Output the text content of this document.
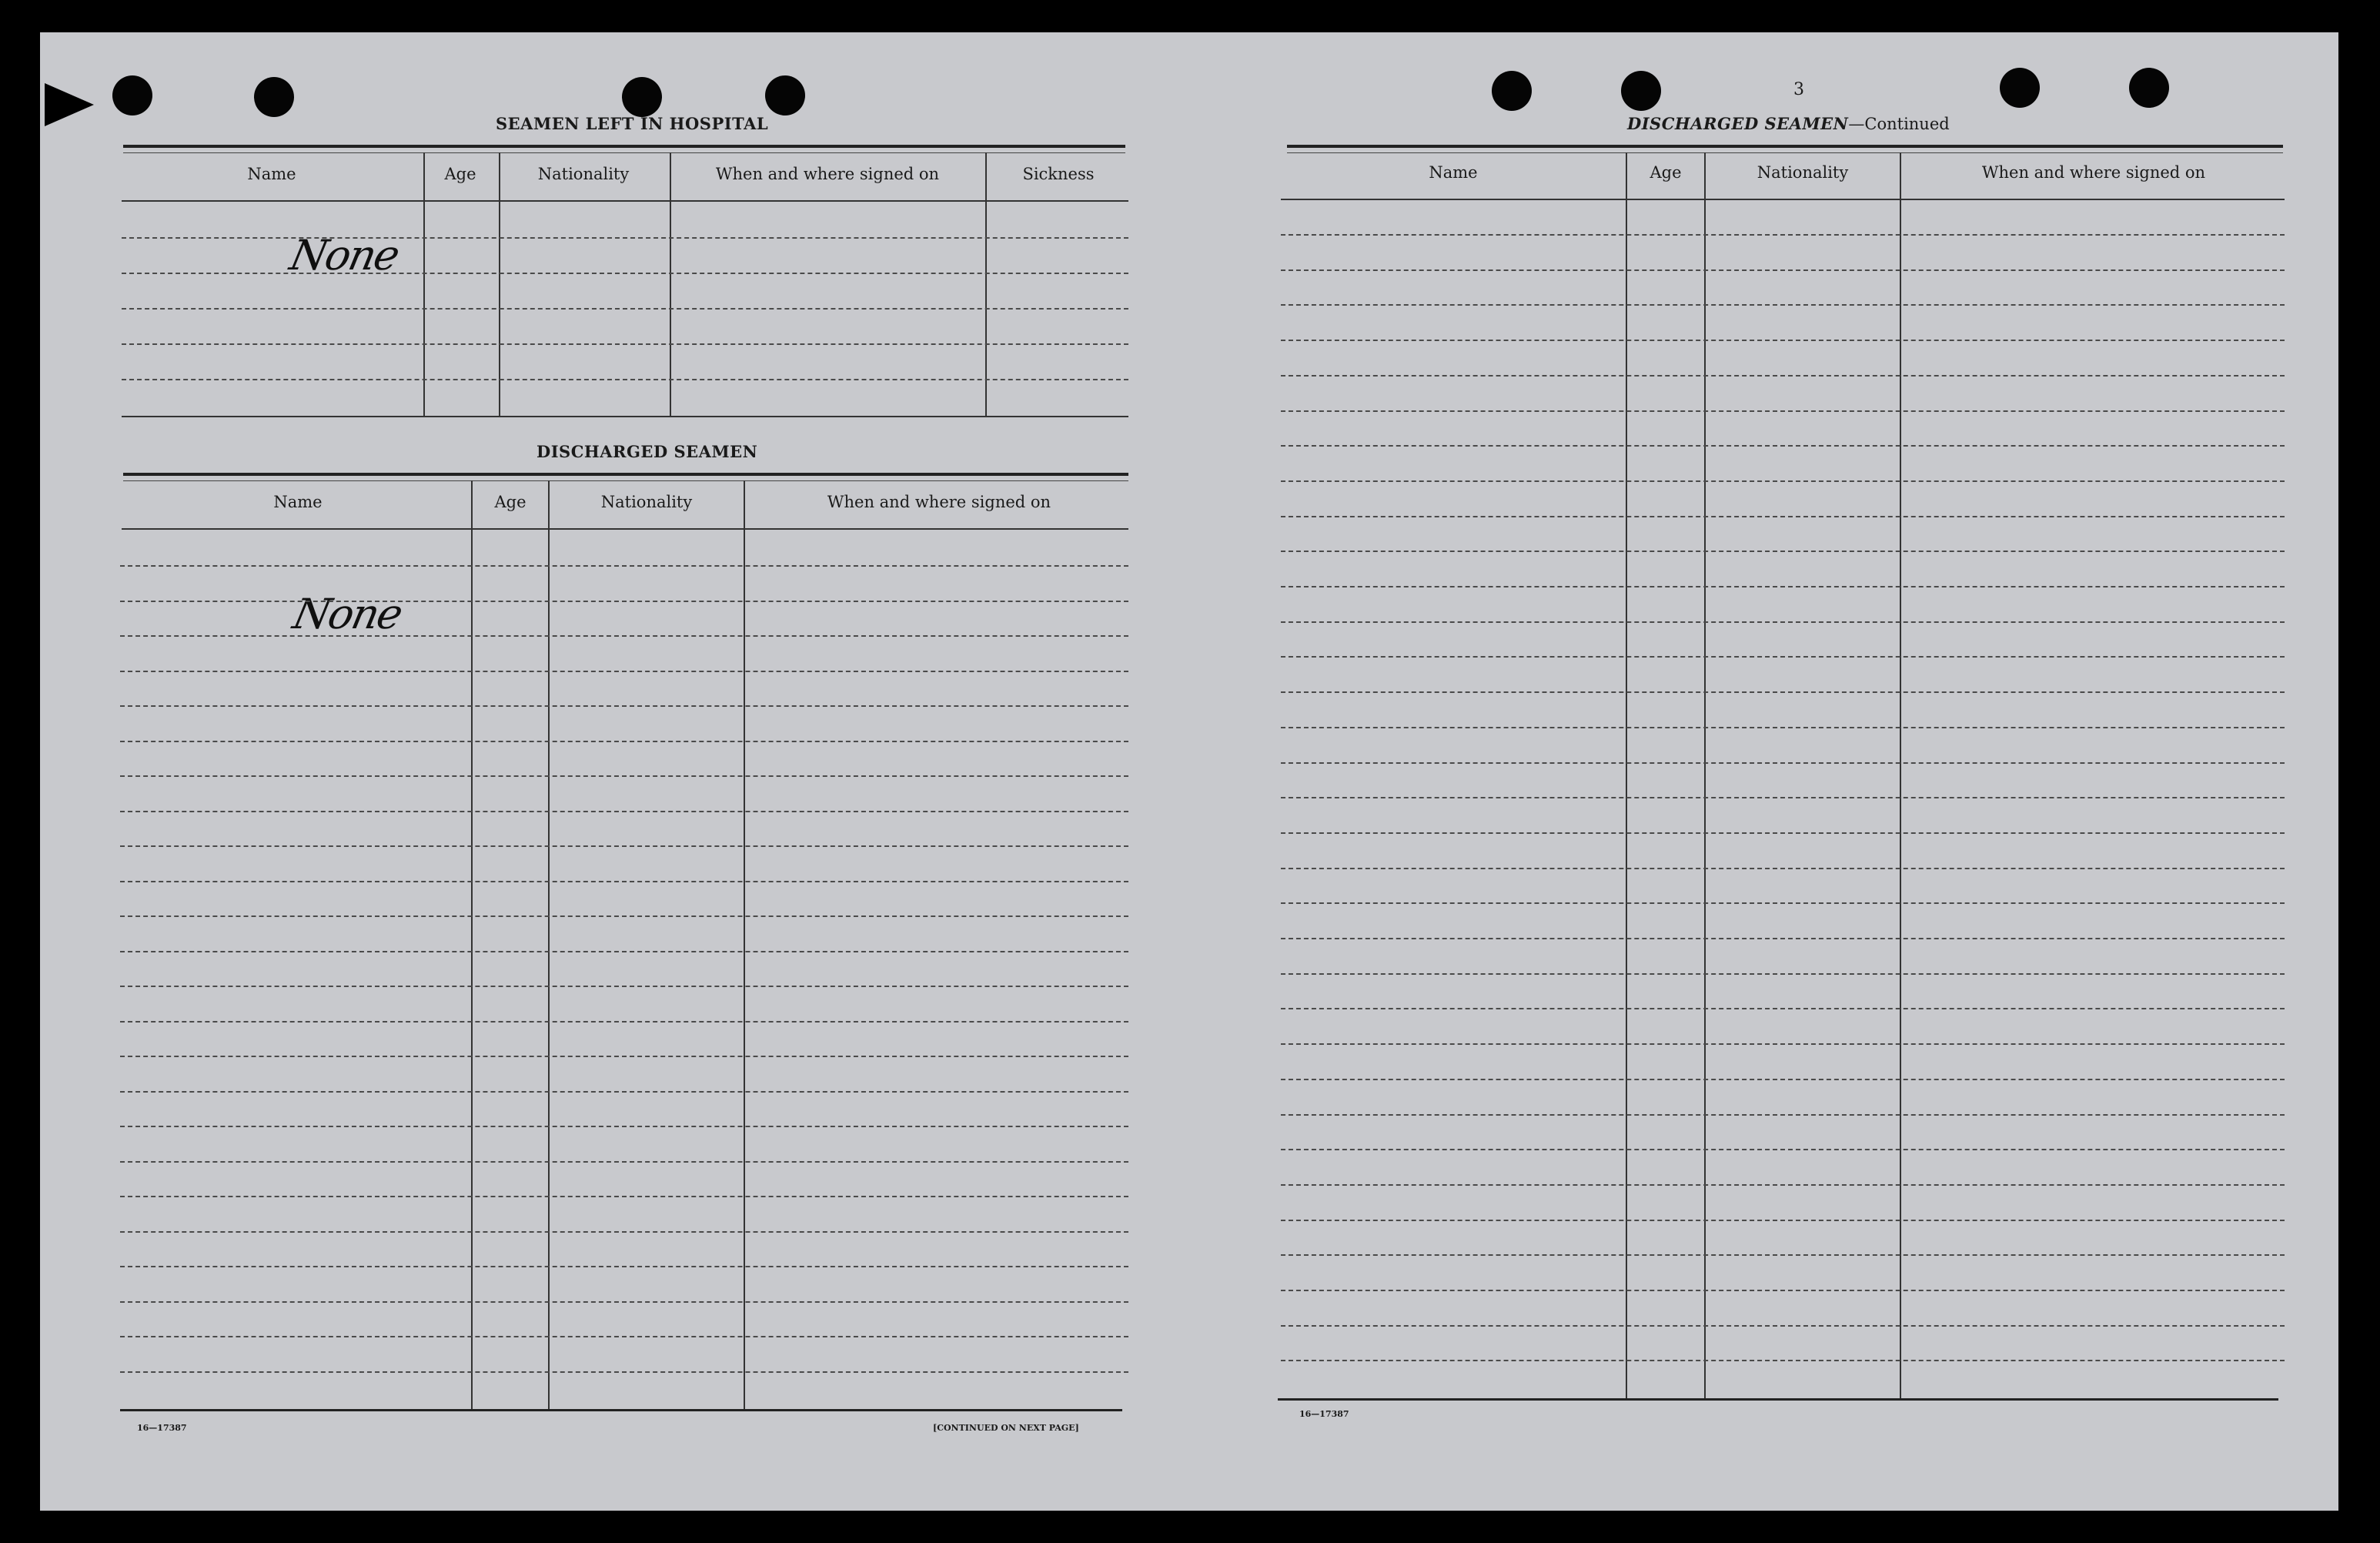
SEAMEN LEFT IN HOSPITAL
Name	Age	Nationality	When and where signed on	Sickness
None
DISCHARGED SEAMEN
Name	Age	Nationality	When and where signed on
None
16—17387	[CONTINUED ON NEXT PAGE]
3
DISCHARGED SEAMEN—Continued
Name	Age	Nationality	When and where signed on
16—17387
